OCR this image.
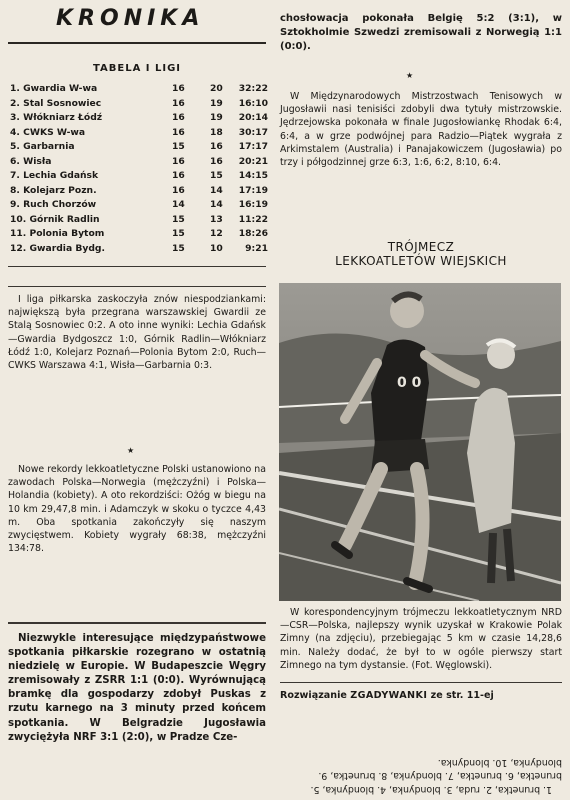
KRONIKA
TABELA I LIGI
1. Gwardia W-wa	16	20 32:22
2. Stal Sosnowiec	16	19 16:10
3. Włókniarz Łódź	16	19 20:14
4. CWKS W-wa	16	18 30:17
5. Garbarnia	15	16 17:17
6. Wisła	16	16 20:21
7. Lechia Gdańsk	16	15 14:15
8. Kolejarz Pozn.	16	14 17:19
9. Ruch Chorzów	14	14 16:19
10. Górnik Radlin	15	13 11:22
11. Polonia Bytom	15	12 18:26
12. Gwardia Bydg.	15	10 9:21

I liga piłkarska zaskoczyła znów niespodziankami: największą była przegrana warszawskiej Gwardii ze Stalą Sosnowiec 0:2. A oto inne wyniki: Lechia Gdańsk—Gwardia Bydgoszcz 1:0, Górnik Radlin—Włókniarz Łódź 1:0, Kolejarz Poznań—Polonia Bytom 2:0, Ruch—CWKS Warszawa 4:1, Wisła—Garbarnia 0:3.

★

Nowe rekordy lekkoatletyczne Polski ustanowiono na zawodach Polska—Norwegia (mężczyźni) i Polska—Holandia (kobiety). A oto rekordziści: Ożóg w biegu na 10 km 29,47,8 min. i Adamczyk w skoku o tyczce 4,43 m. Oba spotkania zakończyły się naszym zwycięstwem. Kobiety wygrały 68:38, mężczyźni 134:78.

Niezwykle interesujące międzypaństwowe spotkania piłkarskie rozegrano w ostatnią niedzielę w Europie. W Budapeszcie Węgry zremisowały z ZSRR 1:1 (0:0). Wyrównującą bramkę dla gospodarzy zdobył Puskas z rzutu karnego na 3 minuty przed końcem spotkania. W Belgradzie Jugosławia zwyciężyła NRF 3:1 (2:0), w Pradze Cze-

chosłowacja pokonała Belgię 5:2 (3:1), w Sztokholmie Szwedzi zremisowali z Norwegią 1:1 (0:0).

★

W Międzynarodowych Mistrzostwach Tenisowych w Jugosławii nasi tenisiści zdobyli dwa tytuły mistrzowskie. Jędrzejowska pokonała w finale Jugosłowiankę Rhodak 6:4, 6:4, a w grze podwójnej para Radzio—Piątek wygrała z Arkimstalem (Australia) i Panajakowiczem (Jugosławia) po trzy i półgodzinnej grze 6:3, 1:6, 6:2, 8:10, 6:4.

TRÓJMECZ
LEKKOATLETÓW WIEJSKICH
0 0

W korespondencyjnym trójmeczu lekkoatletycznym NRD—CSR—Polska, najlepszy wynik uzyskał w Krakowie Polak Zimny (na zdjęciu), przebiegając 5 km w czasie 14,28,6 min. Należy dodać, że był to w ogóle pierwszy start Zimnego na tym dystansie. (Fot. Węglowski).

Rozwiązanie ZGADYWANKI ze str. 11-ej

1. brunetka, 2. ruda, 3. blondynka, 4. blondynka, 5. brunetka, 6. brunetka, 7. blondynka, 8. brunetka, 9. blondynka, 10. blondynka.
